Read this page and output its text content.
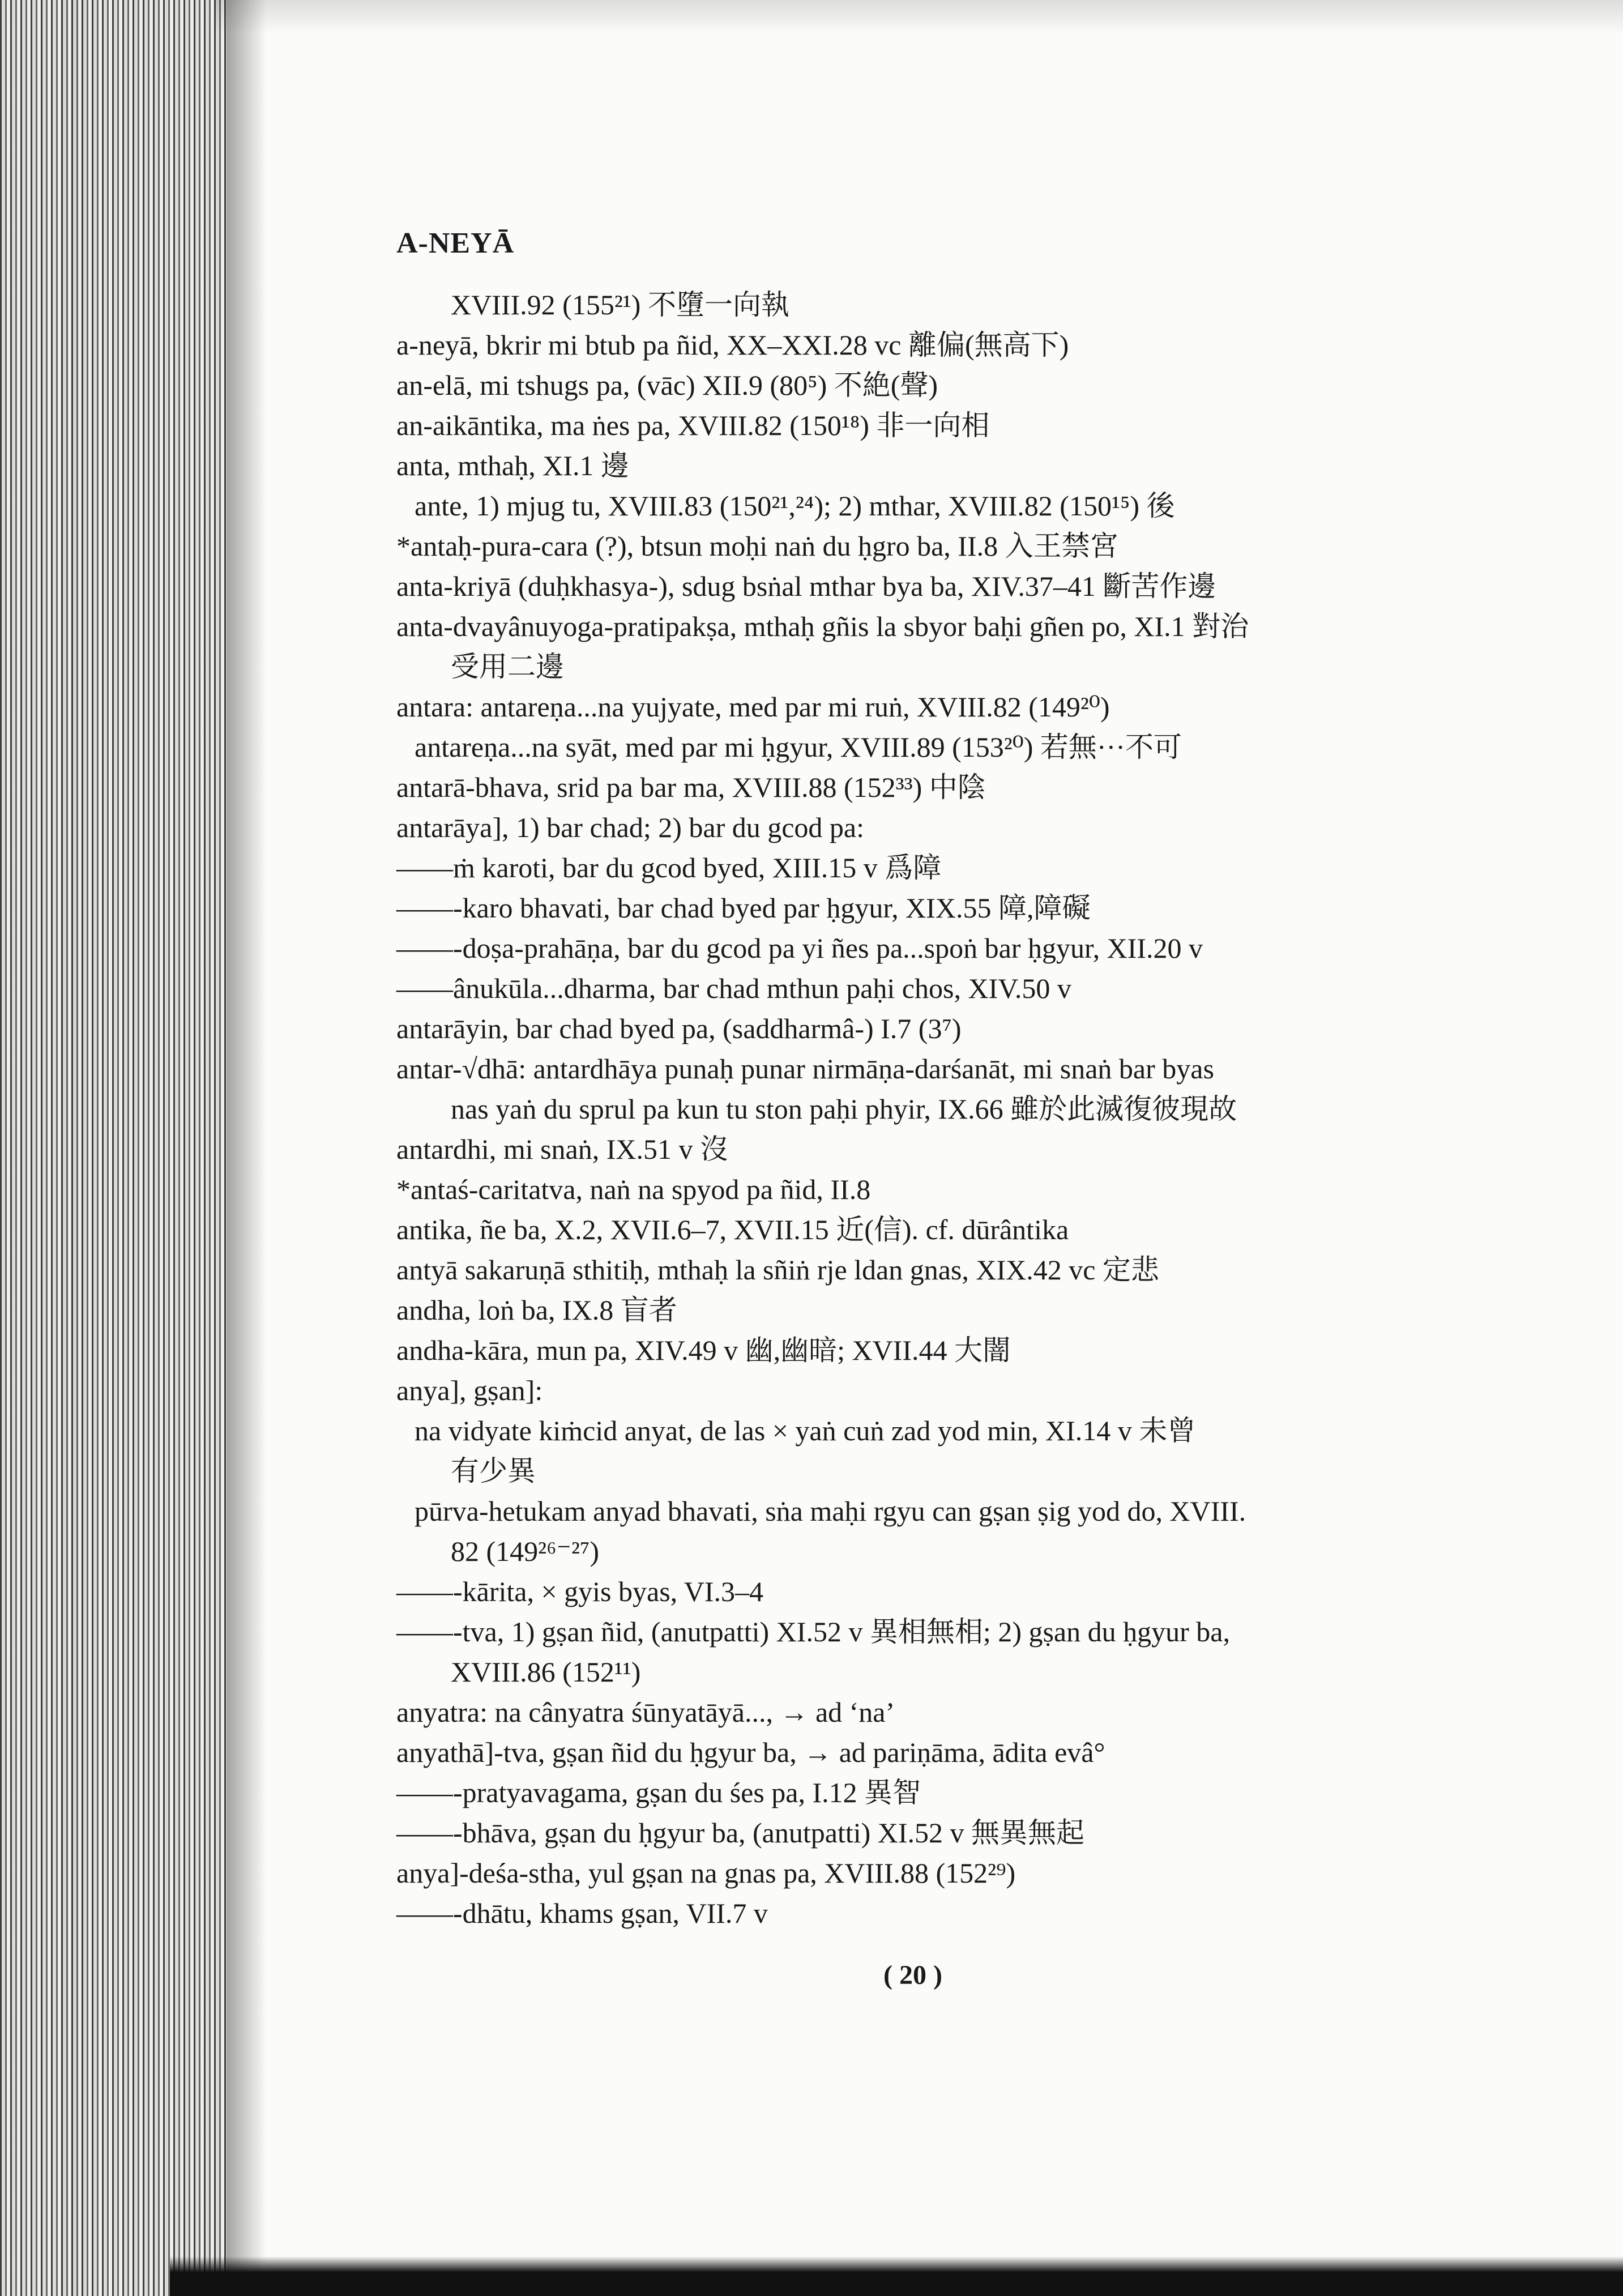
A-NEYĀ
XVIII.92 (155²¹) 不墮一向執
a-neyā, bkrir mi btub pa ñid, XX–XXI.28 vc 離偏(無高下)
an-elā, mi tshugs pa, (vāc) XII.9 (80⁵) 不絶(聲)
an-aikāntika, ma ṅes pa, XVIII.82 (150¹⁸) 非一向相
anta, mthaḥ, XI.1 邊
ante, 1) mjug tu, XVIII.83 (150²¹,²⁴); 2) mthar, XVIII.82 (150¹⁵) 後
*antaḥ-pura-cara (?), btsun moḥi naṅ du ḥgro ba, II.8 入王禁宮
anta-kriyā (duḥkhasya-), sdug bsṅal mthar bya ba, XIV.37–41 斷苦作邊
anta-dvayânuyoga-pratipakṣa, mthaḥ gñis la sbyor baḥi gñen po, XI.1 對治
受用二邊
antara: antareṇa...na yujyate, med par mi ruṅ, XVIII.82 (149²⁰)
antareṇa...na syāt, med par mi ḥgyur, XVIII.89 (153²⁰) 若無···不可
antarā-bhava, srid pa bar ma, XVIII.88 (152³³) 中陰
antarāya], 1) bar chad; 2) bar du gcod pa:
——ṁ karoti, bar du gcod byed, XIII.15 v 爲障
——-karo bhavati, bar chad byed par ḥgyur, XIX.55 障,障礙
——-doṣa-prahāṇa, bar du gcod pa yi ñes pa...spoṅ bar ḥgyur, XII.20 v
——ânukūla...dharma, bar chad mthun paḥi chos, XIV.50 v
antarāyin, bar chad byed pa, (saddharmâ-) I.7 (3⁷)
antar-√dhā: antardhāya punaḥ punar nirmāṇa-darśanāt, mi snaṅ bar byas
nas yaṅ du sprul pa kun tu ston paḥi phyir, IX.66 雖於此滅復彼現故
antardhi, mi snaṅ, IX.51 v 沒
*antaś-caritatva, naṅ na spyod pa ñid, II.8
antika, ñe ba, X.2, XVII.6–7, XVII.15 近(信). cf. dūrântika
antyā sakaruṇā sthitiḥ, mthaḥ la sñiṅ rje ldan gnas, XIX.42 vc 定悲
andha, loṅ ba, IX.8 盲者
andha-kāra, mun pa, XIV.49 v 幽,幽暗; XVII.44 大闇
anya], gṣan]:
na vidyate kiṁcid anyat, de las × yaṅ cuṅ zad yod min, XI.14 v 未曾
有少異
pūrva-hetukam anyad bhavati, sṅa maḥi rgyu can gṣan ṣig yod do, XVIII.
82 (149²⁶⁻²⁷)
——-kārita, × gyis byas, VI.3–4
——-tva, 1) gṣan ñid, (anutpatti) XI.52 v 異相無相; 2) gṣan du ḥgyur ba,
XVIII.86 (152¹¹)
anyatra: na cânyatra śūnyatāyā..., → ad ‘na’
anyathā]-tva, gṣan ñid du ḥgyur ba, → ad pariṇāma, ādita evâ°
——-pratyavagama, gṣan du śes pa, I.12 異智
——-bhāva, gṣan du ḥgyur ba, (anutpatti) XI.52 v 無異無起
anya]-deśa-stha, yul gṣan na gnas pa, XVIII.88 (152²⁹)
——-dhātu, khams gṣan, VII.7 v
( 20 )
